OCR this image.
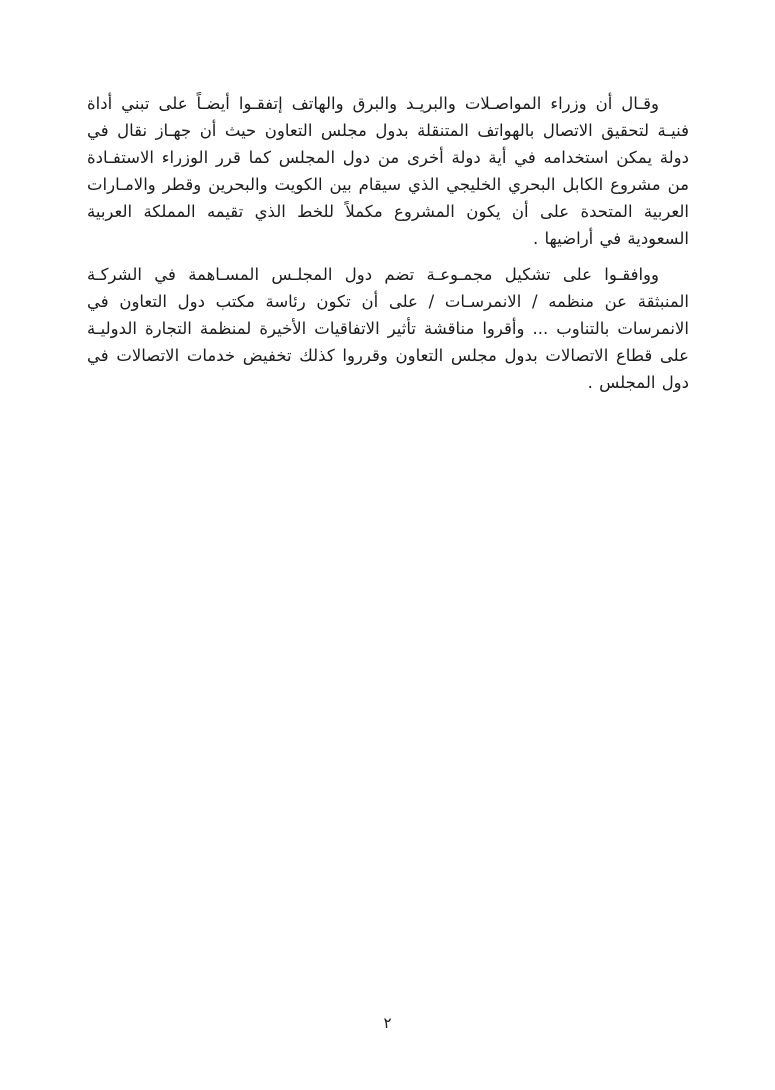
وقـال أن وزراء المواصـلات والبريـد والبرق والهاتف إتفقـوا أيضـاً على تبني أداة فنيـة لتحقيق الاتصال بالهواتف المتنقلة بدول مجلس التعاون حيث أن جهـاز نقال في دولة يمكن استخدامه في أية دولة أخرى من دول المجلس كما قرر الوزراء الاستفـادة من مشروع الكابل البحري الخليجي الذي سيقام بين الكويت والبحرين وقطر والامـارات العربية المتحدة على أن يكون المشروع مكملاً للخط الذي تقيمه المملكة العربية السعودية في أراضيها .

ووافقـوا على تشكيل مجمـوعـة تضم دول المجلـس المسـاهمة في الشركـة المنبثقة عن منظمه / الانمرسـات / على أن تكون رئاسة مكتب دول التعاون في الانمرسات بالتناوب ... وأقروا مناقشة تأثير الاتفاقيات الأخيرة لمنظمة التجارة الدوليـة على قطاع الاتصالات بدول مجلس التعاون وقرروا كذلك تخفيض خدمات الاتصالات في دول المجلس .

٢
